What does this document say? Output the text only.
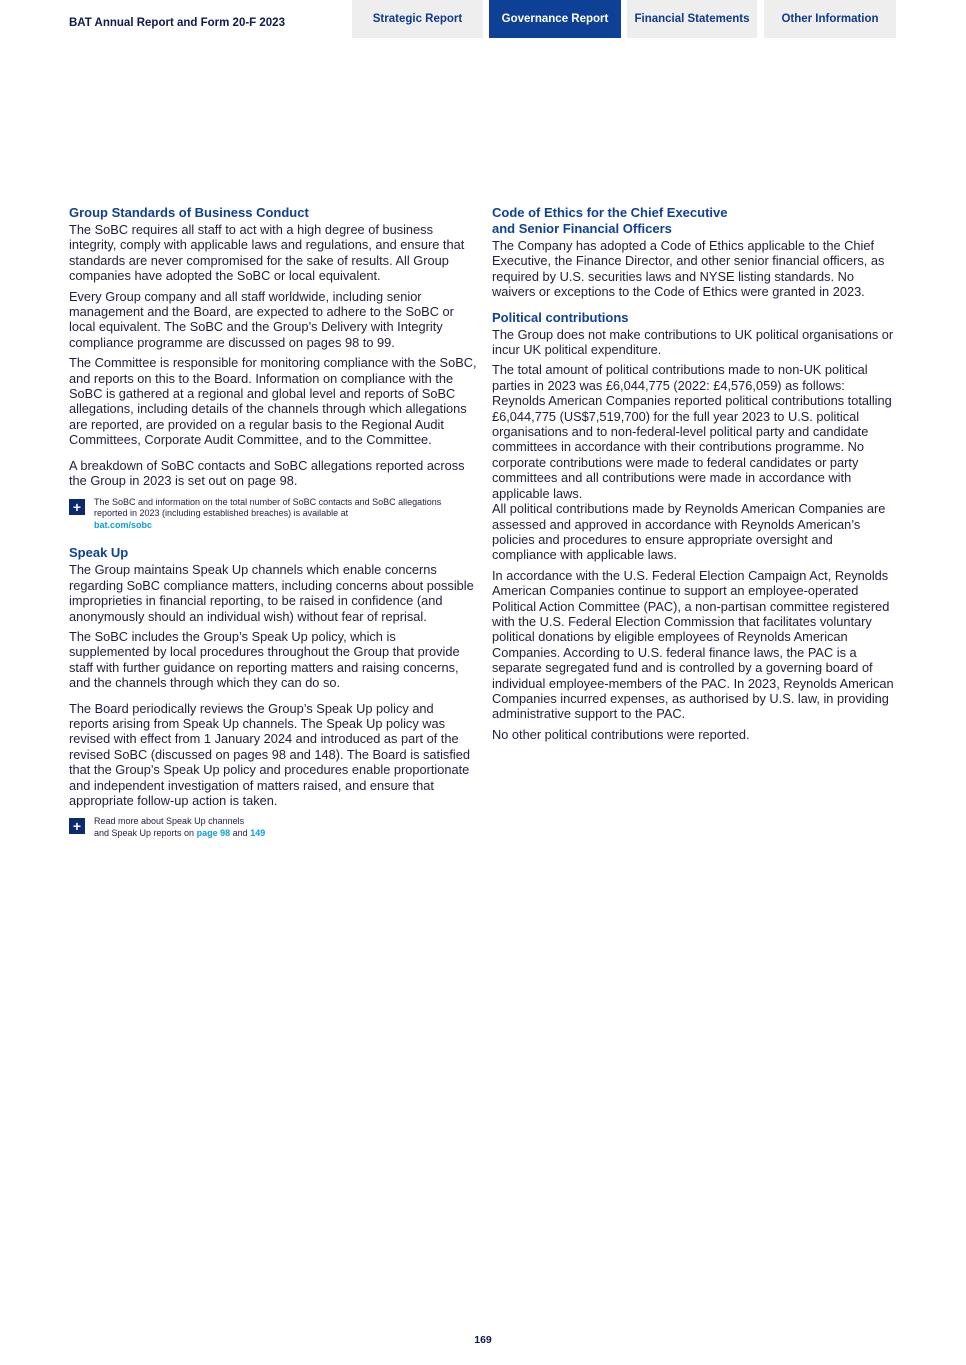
BAT Annual Report and Form 20-F 2023	Strategic Report	Governance Report	Financial Statements	Other Information
Group Standards of Business Conduct

The SoBC requires all staff to act with a high degree of business integrity, comply with applicable laws and regulations, and ensure that standards are never compromised for the sake of results. All Group companies have adopted the SoBC or local equivalent.

Every Group company and all staff worldwide, including senior management and the Board, are expected to adhere to the SoBC or local equivalent. The SoBC and the Group’s Delivery with Integrity compliance programme are discussed on pages 98 to 99.

The Committee is responsible for monitoring compliance with the SoBC, and reports on this to the Board. Information on compliance with the SoBC is gathered at a regional and global level and reports of SoBC allegations, including details of the channels through which allegations are reported, are provided on a regular basis to the Regional Audit Committees, Corporate Audit Committee, and to the Committee.

A breakdown of SoBC contacts and SoBC allegations reported across the Group in 2023 is set out on page 98.

+	The SoBC and information on the total number of SoBC contacts and SoBC allegations reported in 2023 (including established breaches) is available at
bat.com/sobc
Speak Up

The Group maintains Speak Up channels which enable concerns regarding SoBC compliance matters, including concerns about possible improprieties in financial reporting, to be raised in confidence (and anonymously should an individual wish) without fear of reprisal.

The SoBC includes the Group’s Speak Up policy, which is supplemented by local procedures throughout the Group that provide staff with further guidance on reporting matters and raising concerns, and the channels through which they can do so.

The Board periodically reviews the Group’s Speak Up policy and reports arising from Speak Up channels. The Speak Up policy was revised with effect from 1 January 2024 and introduced as part of the revised SoBC (discussed on pages 98 and 148). The Board is satisfied that the Group’s Speak Up policy and procedures enable proportionate and independent investigation of matters raised, and ensure that appropriate follow-up action is taken.

+	Read more about Speak Up channels
and Speak Up reports on page 98 and 149
Code of Ethics for the Chief Executive
and Senior Financial Officers

The Company has adopted a Code of Ethics applicable to the Chief Executive, the Finance Director, and other senior financial officers, as required by U.S. securities laws and NYSE listing standards. No waivers or exceptions to the Code of Ethics were granted in 2023.

Political contributions

The Group does not make contributions to UK political organisations or incur UK political expenditure.

The total amount of political contributions made to non-UK political parties in 2023 was £6,044,775 (2022: £4,576,059) as follows: Reynolds American Companies reported political contributions totalling £6,044,775 (US$7,519,700) for the full year 2023 to U.S. political organisations and to non-federal-level political party and candidate committees in accordance with their contributions programme. No corporate contributions were made to federal candidates or party committees and all contributions were made in accordance with applicable laws.

All political contributions made by Reynolds American Companies are assessed and approved in accordance with Reynolds American’s policies and procedures to ensure appropriate oversight and compliance with applicable laws.

In accordance with the U.S. Federal Election Campaign Act, Reynolds American Companies continue to support an employee-operated Political Action Committee (PAC), a non-partisan committee registered with the U.S. Federal Election Commission that facilitates voluntary political donations by eligible employees of Reynolds American Companies. According to U.S. federal finance laws, the PAC is a separate segregated fund and is controlled by a governing board of individual employee-members of the PAC. In 2023, Reynolds American Companies incurred expenses, as authorised by U.S. law, in providing administrative support to the PAC.

No other political contributions were reported.

169
